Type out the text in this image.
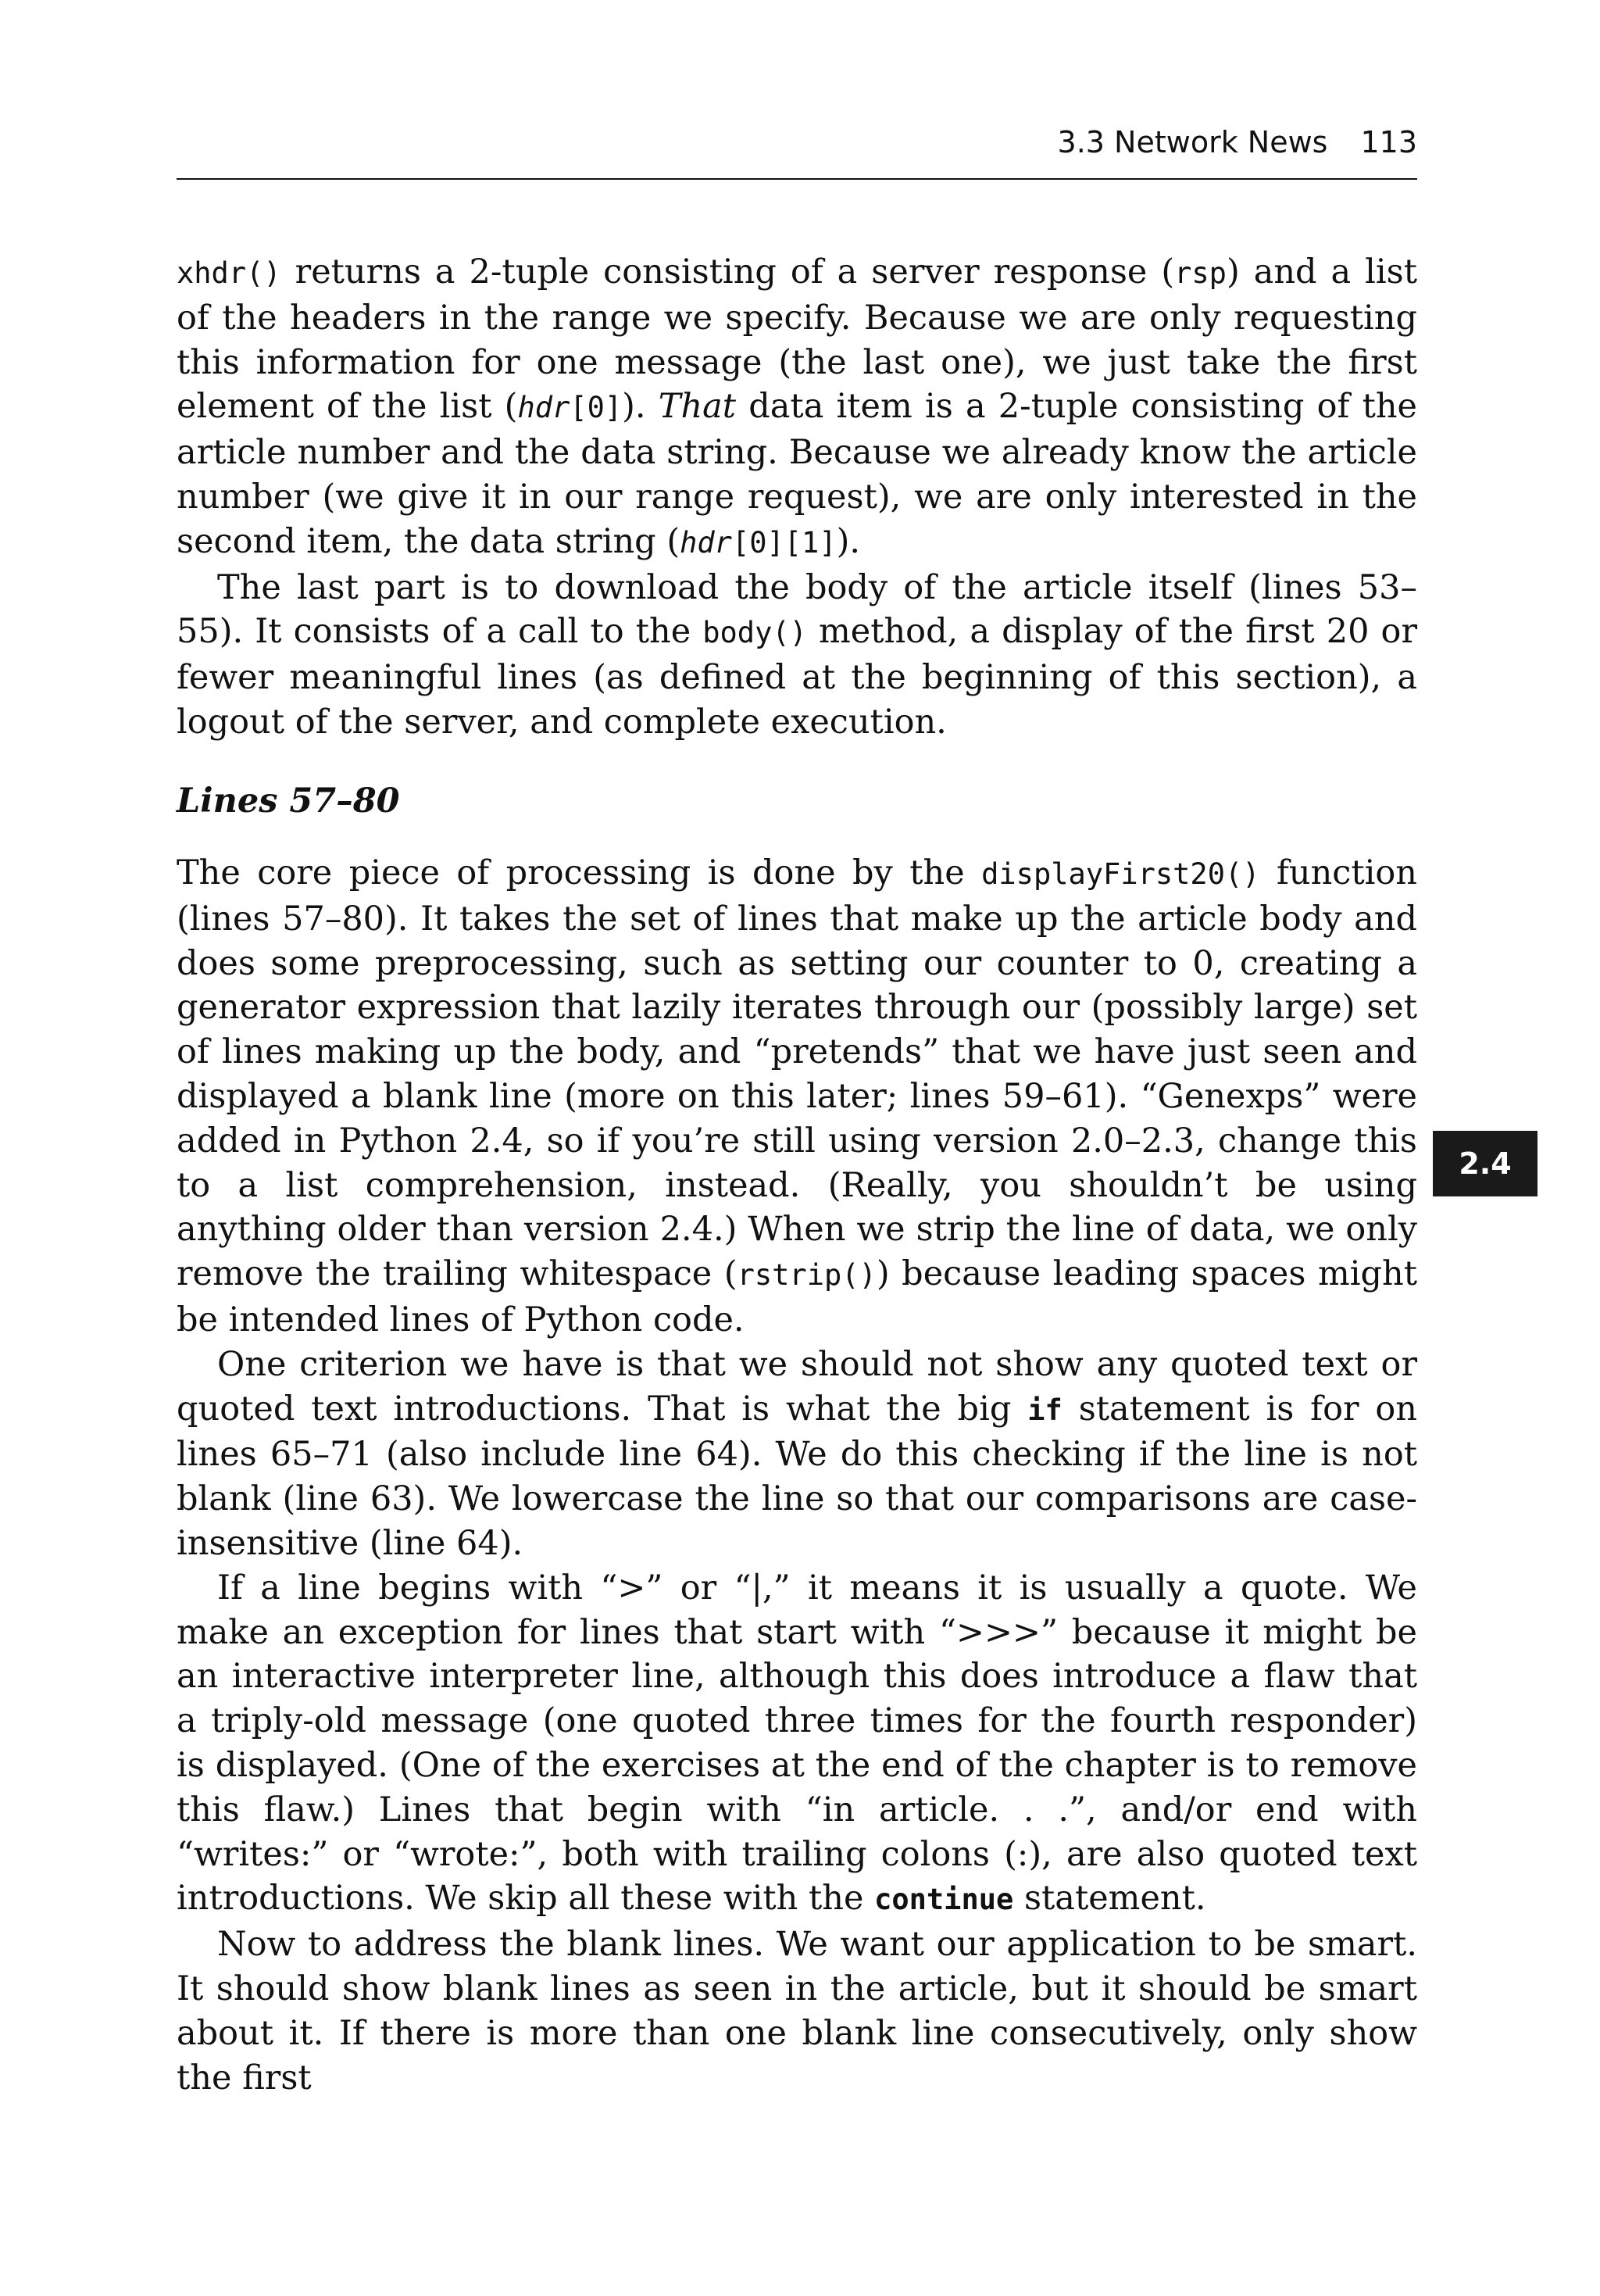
3.3 Network News 113

xhdr() returns a 2-tuple consisting of a server response (rsp) and a list of the headers in the range we specify. Because we are only requesting this information for one message (the last one), we just take the first element of the list (hdr[0]). That data item is a 2-tuple consisting of the article number and the data string. Because we already know the article number (we give it in our range request), we are only interested in the second item, the data string (hdr[0][1]).

The last part is to download the body of the article itself (lines 53–55). It consists of a call to the body() method, a display of the first 20 or fewer meaningful lines (as defined at the beginning of this section), a logout of the server, and complete execution.

Lines 57–80

The core piece of processing is done by the displayFirst20() function (lines 57–80). It takes the set of lines that make up the article body and does some preprocessing, such as setting our counter to 0, creating a generator expression that lazily iterates through our (possibly large) set of lines making up the body, and “pretends” that we have just seen and displayed a blank line (more on this later; lines 59–61). “Genexps” were added in Python 2.4, so if you’re still using version 2.0–2.3, change this to a list comprehension, instead. (Really, you shouldn’t be using anything older than version 2.4.) When we strip the line of data, we only remove the trailing whitespace (rstrip()) because leading spaces might be intended lines of Python code.

One criterion we have is that we should not show any quoted text or quoted text introductions. That is what the big if statement is for on lines 65–71 (also include line 64). We do this checking if the line is not blank (line 63). We lowercase the line so that our comparisons are case-insensitive (line 64).

If a line begins with “>” or “|,” it means it is usually a quote. We make an exception for lines that start with “>>>” because it might be an interactive interpreter line, although this does introduce a flaw that a triply-old message (one quoted three times for the fourth responder) is displayed. (One of the exercises at the end of the chapter is to remove this flaw.) Lines that begin with “in article. . .”, and/or end with “writes:” or “wrote:”, both with trailing colons (:), are also quoted text introductions. We skip all these with the continue statement.

Now to address the blank lines. We want our application to be smart. It should show blank lines as seen in the article, but it should be smart about it. If there is more than one blank line consecutively, only show the first

2.4
